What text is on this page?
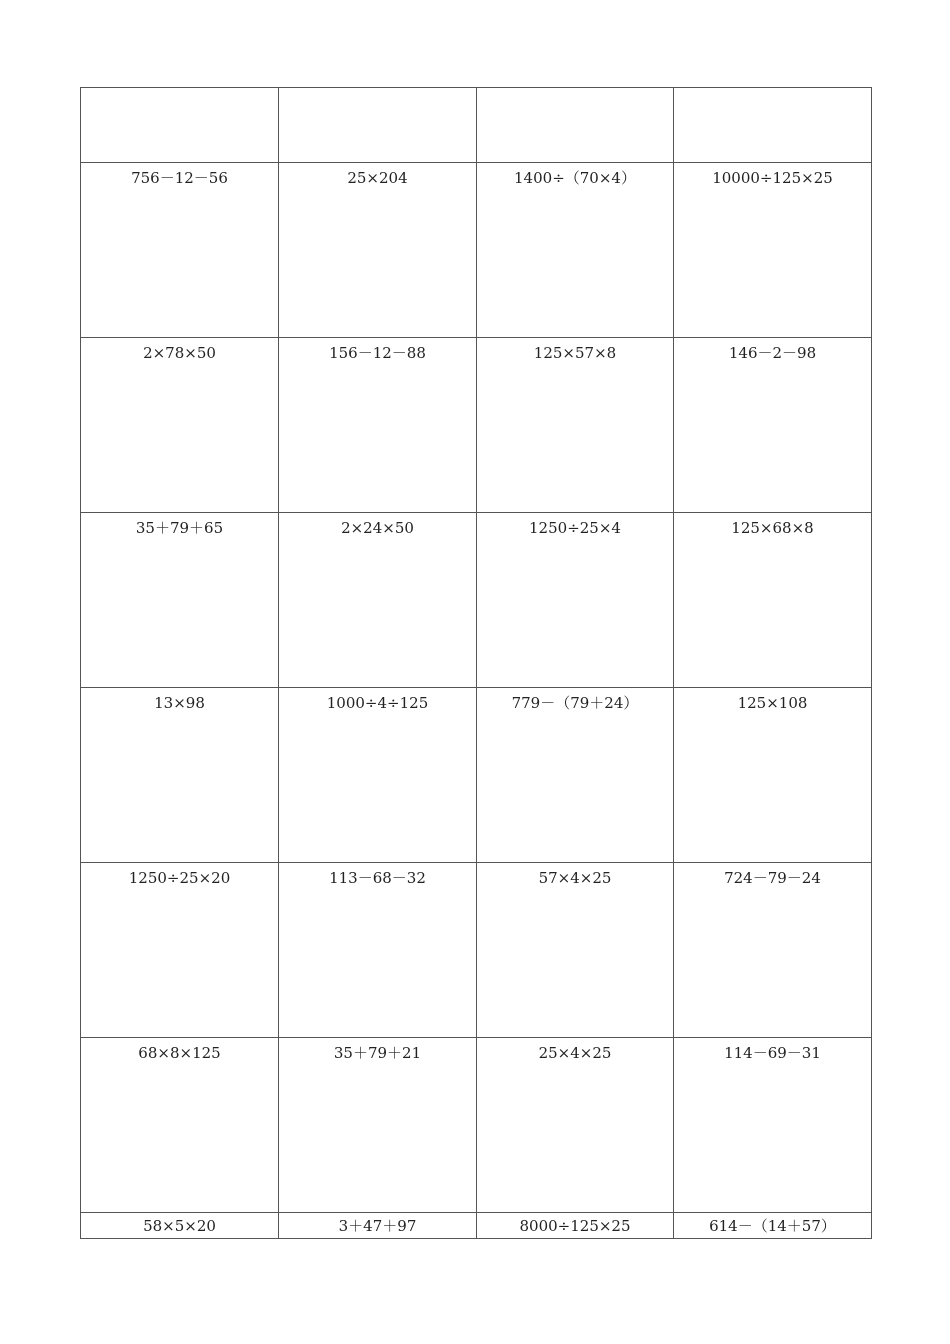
756－12－56	25×204	1400÷（70×4）	10000÷125×25

2×78×50	156－12－88	125×57×8	146－2－98

35＋79＋65	2×24×50	1250÷25×4	125×68×8

13×98	1000÷4÷125	779－（79＋24）	125×108

1250÷25×20	113－68－32	57×4×25	724－79－24

68×8×125	35＋79＋21	25×4×25	114－69－31

58×5×20	3＋47＋97	8000÷125×25	614－（14＋57）
